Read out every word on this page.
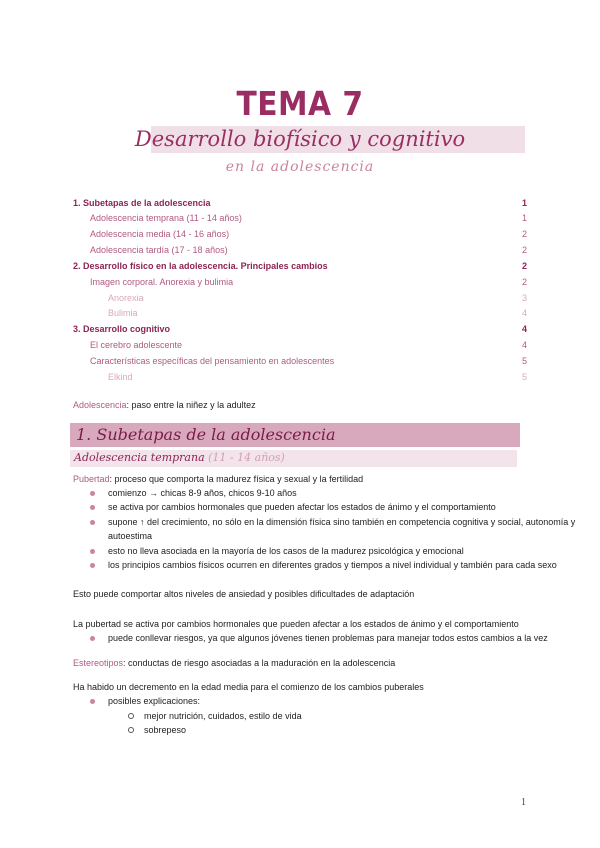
TEMA 7
Desarrollo biofísico y cognitivo
en la adolescencia
1. Subetapas de la adolescencia	1
Adolescencia temprana (11 - 14 años)	1
Adolescencia media (14 - 16 años)	2
Adolescencia tardía (17 - 18 años)	2
2. Desarrollo físico en la adolescencia. Principales cambios	2
Imagen corporal. Anorexia y bulimia	2
Anorexia	3
Bulimia	4
3. Desarrollo cognitivo	4
El cerebro adolescente	4
Características específicas del pensamiento en adolescentes	5
Elkind	5
Adolescencia: paso entre la niñez y la adultez
1. Subetapas de la adolescencia
Adolescencia temprana (11 - 14 años)
Pubertad: proceso que comporta la madurez física y sexual y la fertilidad
comienzo → chicas 8-9 años, chicos 9-10 años
se activa por cambios hormonales que pueden afectar los estados de ánimo y el comportamiento
supone ↑ del crecimiento, no sólo en la dimensión física sino también en competencia cognitiva y social, autonomía y
autoestima
esto no lleva asociada en la mayoría de los casos de la madurez psicológica y emocional
los principios cambios físicos ocurren en diferentes grados y tiempos a nivel individual y también para cada sexo
Esto puede comportar altos niveles de ansiedad y posibles dificultades de adaptación
La pubertad se activa por cambios hormonales que pueden afectar a los estados de ánimo y el comportamiento
puede conllevar riesgos, ya que algunos jóvenes tienen problemas para manejar todos estos cambios a la vez
Estereotipos: conductas de riesgo asociadas a la maduración en la adolescencia
Ha habido un decremento en la edad media para el comienzo de los cambios puberales
posibles explicaciones:
mejor nutrición, cuidados, estilo de vida
sobrepeso
1
